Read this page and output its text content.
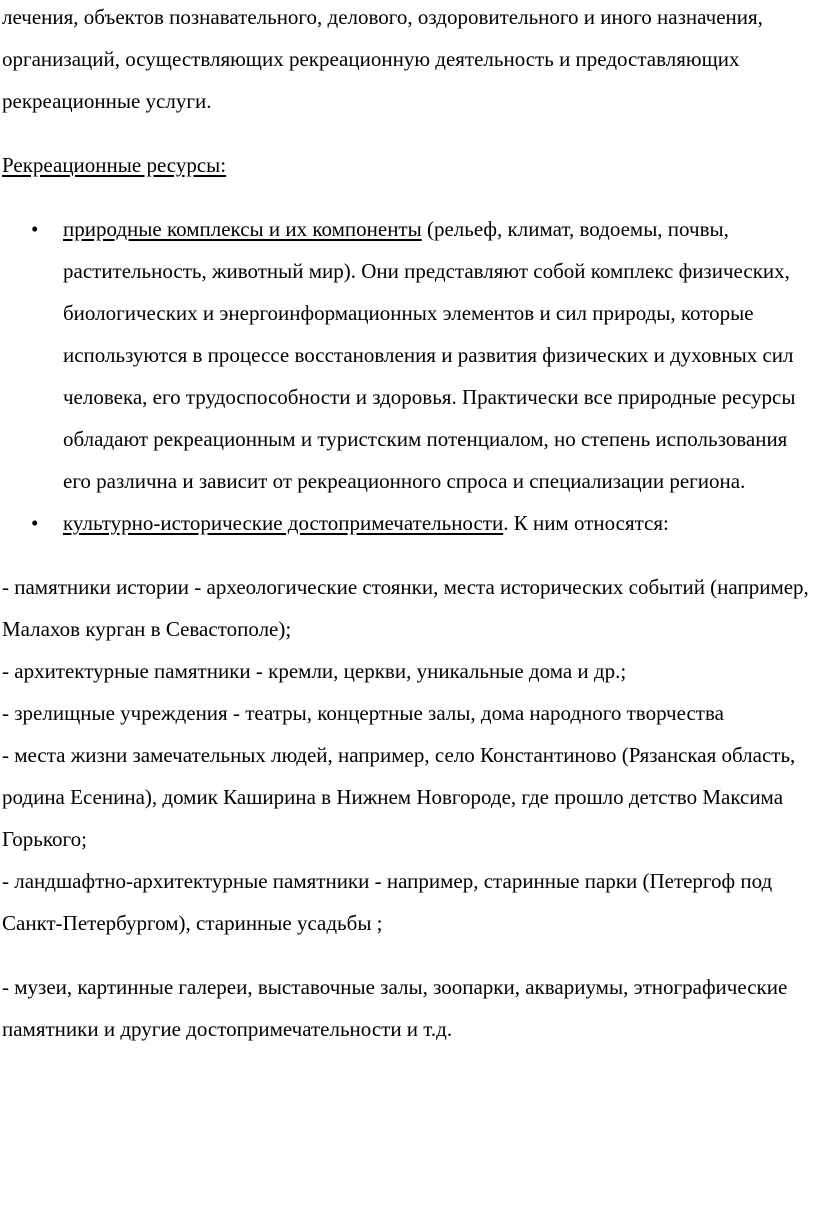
лечения, объектов познавательного, делового, оздоровительного и иного назначения, организаций, осуществляющих рекреационную деятельность и предоставляющих рекреационные услуги.

Рекреационные ресурсы:

• природные комплексы и их компоненты (рельеф, климат, водоемы, почвы, растительность, животный мир). Они представляют собой комплекс физических, биологических и энергоинформационных элементов и сил природы, которые используются в процессе восстановления и развития физических и духовных сил человека, его трудоспособности и здоровья. Практически все природные ресурсы обладают рекреационным и туристским потенциалом, но степень использования его различна и зависит от рекреационного спроса и специализации региона.
• культурно-исторические достопримечательности. К ним относятся:

- памятники истории - археологические стоянки, места исторических событий (например, Малахов курган в Севастополе);

- архитектурные памятники - кремли, церкви, уникальные дома и др.;

- зрелищные учреждения - театры, концертные залы, дома народного творчества

- места жизни замечательных людей, например, село Константиново (Рязанская область, родина Есенина), домик Каширина в Нижнем Новгороде, где прошло детство Максима Горького;

- ландшафтно-архитектурные памятники - например, старинные парки (Петергоф под Санкт-Петербургом), старинные усадьбы ;

- музеи, картинные галереи, выставочные залы, зоопарки, аквариумы, этнографические памятники и другие достопримечательности и т.д.
